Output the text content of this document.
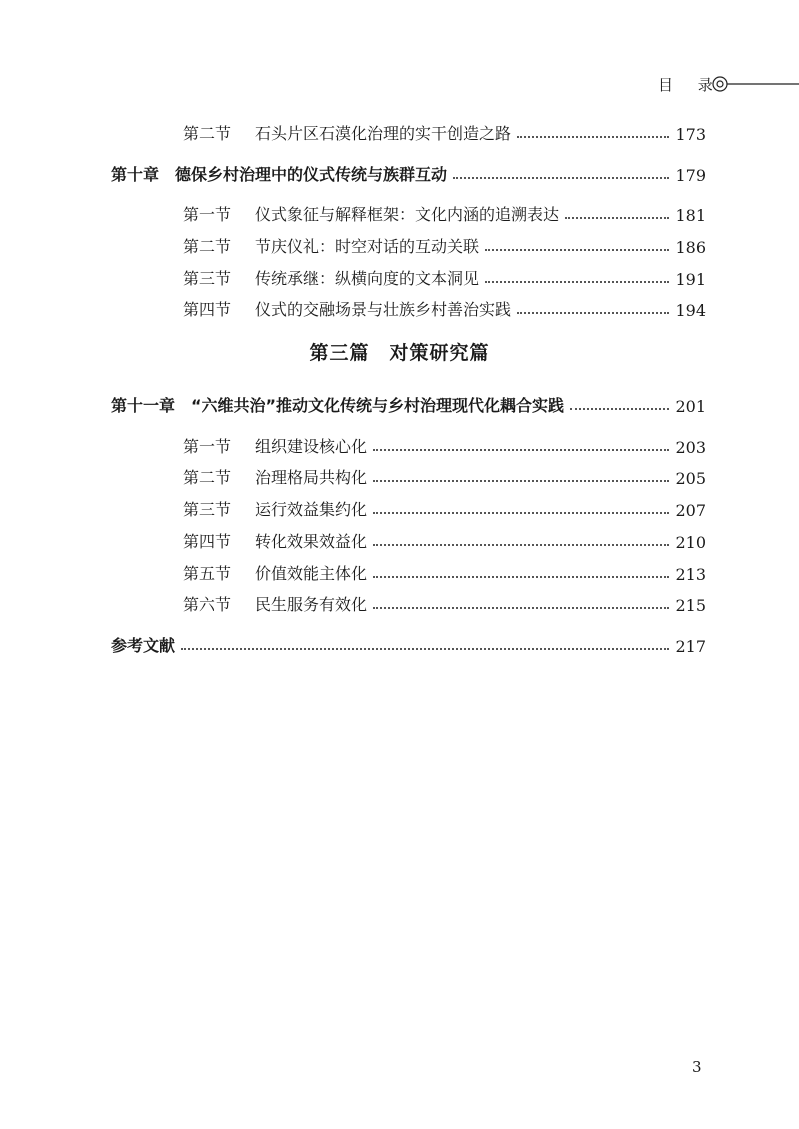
目 录
第二节	石头片区石漠化治理的实干创造之路	173
第十章 德保乡村治理中的仪式传统与族群互动	179
第一节	仪式象征与解释框架：文化内涵的追溯表达	181
第二节	节庆仪礼：时空对话的互动关联	186
第三节	传统承继：纵横向度的文本洞见	191
第四节	仪式的交融场景与壮族乡村善治实践	194
第三篇　对策研究篇
第十一章 “六维共治”推动文化传统与乡村治理现代化耦合实践	201
第一节	组织建设核心化	203
第二节	治理格局共构化	205
第三节	运行效益集约化	207
第四节	转化效果效益化	210
第五节	价值效能主体化	213
第六节	民生服务有效化	215
参考文献	217
3
